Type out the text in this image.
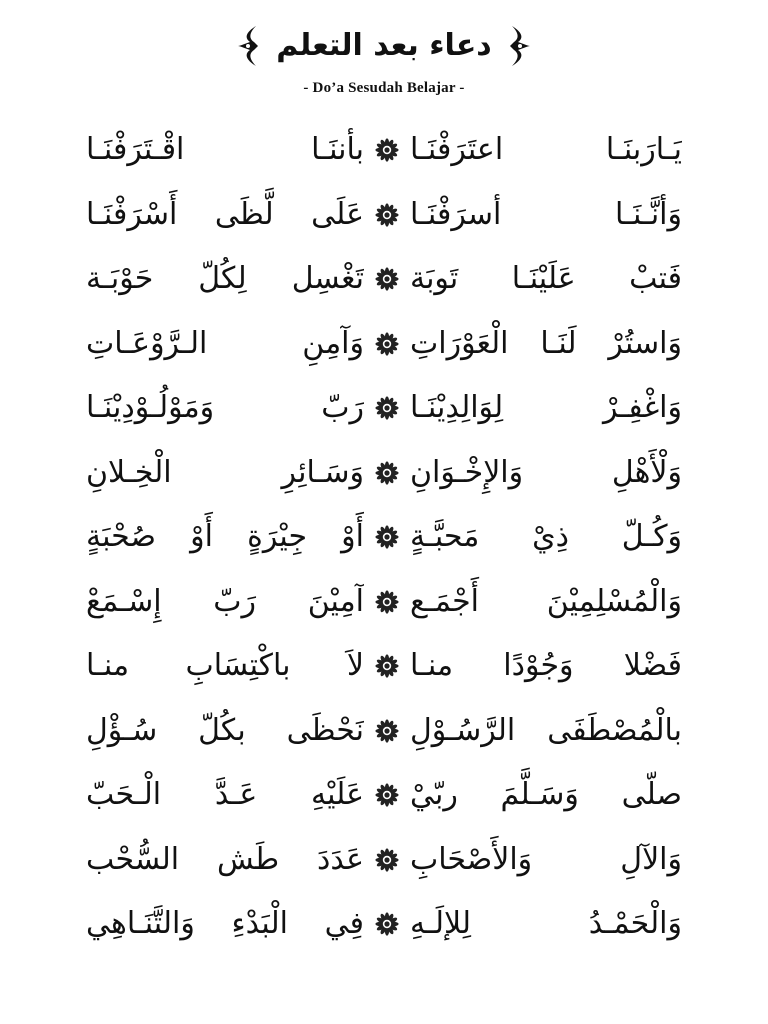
دعاء بعد التعلم
- Do’a Sesudah Belajar -
يَـارَبنَـا اعتَرَفْنَـا
بأننَـا اقْـتَرَفْنَـا
وَأنَّـنَـا أسرَفْنَـا
عَلَى لَّظَى أَسْرَفْنَـا
فَتبْ عَلَيْنَـا تَوبَة
تَغْسِل لِكُلّ حَوْبَـة
وَاستُرْ لَنَـا الْعَوْرَاتِ
وَآمِنِ الـرَّوْعَـاتِ
وَاغْفِـرْ لِوَالِدِيْنَـا
رَبّ وَمَوْلُـوْدِيْنَـا
وَلْأَهْلِ وَالإِخْـوَانِ
وَسَـائِرِ الْخِـلانِ
وَكُـلّ ذِيْ مَحبَّـةٍ
أَوْ جِيْرَةٍ أَوْ صُحْبَةٍ
وَالْمُسْلِمِيْنَ أَجْمَـع
آمِيْنَ رَبّ إِسْـمَعْ
فَضْلا وَجُوْدًا منـا
لاَ باكْتِسَابِ منـا
بالْمُصْطَفَى الرَّسُـوْلِ
نَحْظَى بكُلّ سُـؤْلِ
صلّى وَسَـلَّمَ ربّيْ
عَلَيْهِ عَـدَّ الْـحَبّ
وَالآلِ وَالأَصْحَابِ
عَدَدَ طَش السُّحْب
وَالْحَمْـدُ لِلإلَـهِ
فِي الْبَدْءِ وَالتَّنَـاهِي
